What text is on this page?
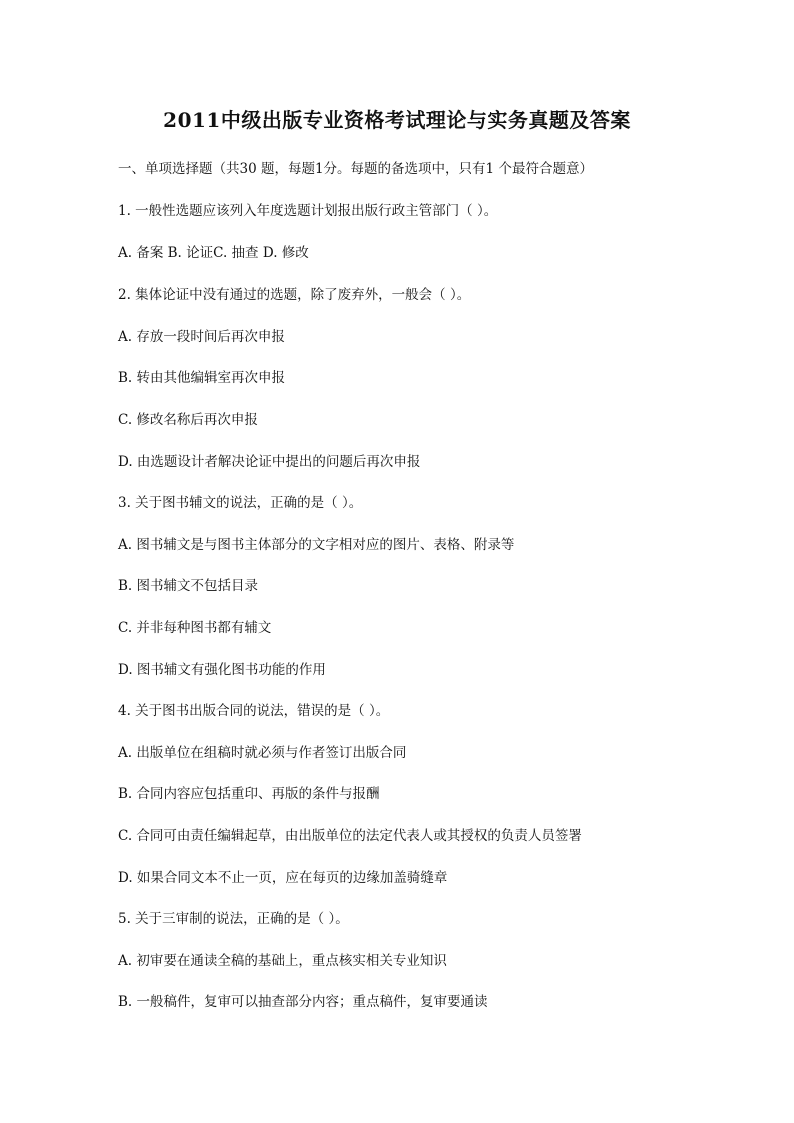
2011中级出版专业资格考试理论与实务真题及答案
一、单项选择题（共30 题，每题1分。每题的备选项中，只有1 个最符合题意）
1. 一般性选题应该列入年度选题计划报出版行政主管部门（ ）。
A. 备案 B. 论证C. 抽查 D. 修改
2. 集体论证中没有通过的选题，除了废弃外，一般会（ ）。
A. 存放一段时间后再次申报
B. 转由其他编辑室再次申报
C. 修改名称后再次申报
D. 由选题设计者解决论证中提出的问题后再次申报
3. 关于图书辅文的说法，正确的是（ ）。
A. 图书辅文是与图书主体部分的文字相对应的图片、表格、附录等
B. 图书辅文不包括目录
C. 并非每种图书都有辅文
D. 图书辅文有强化图书功能的作用
4. 关于图书出版合同的说法，错误的是（ ）。
A. 出版单位在组稿时就必须与作者签订出版合同
B. 合同内容应包括重印、再版的条件与报酬
C. 合同可由责任编辑起草，由出版单位的法定代表人或其授权的负责人员签署
D. 如果合同文本不止一页，应在每页的边缘加盖骑缝章
5. 关于三审制的说法，正确的是（ ）。
A. 初审要在通读全稿的基础上，重点核实相关专业知识
B. 一般稿件，复审可以抽查部分内容；重点稿件，复审要通读
